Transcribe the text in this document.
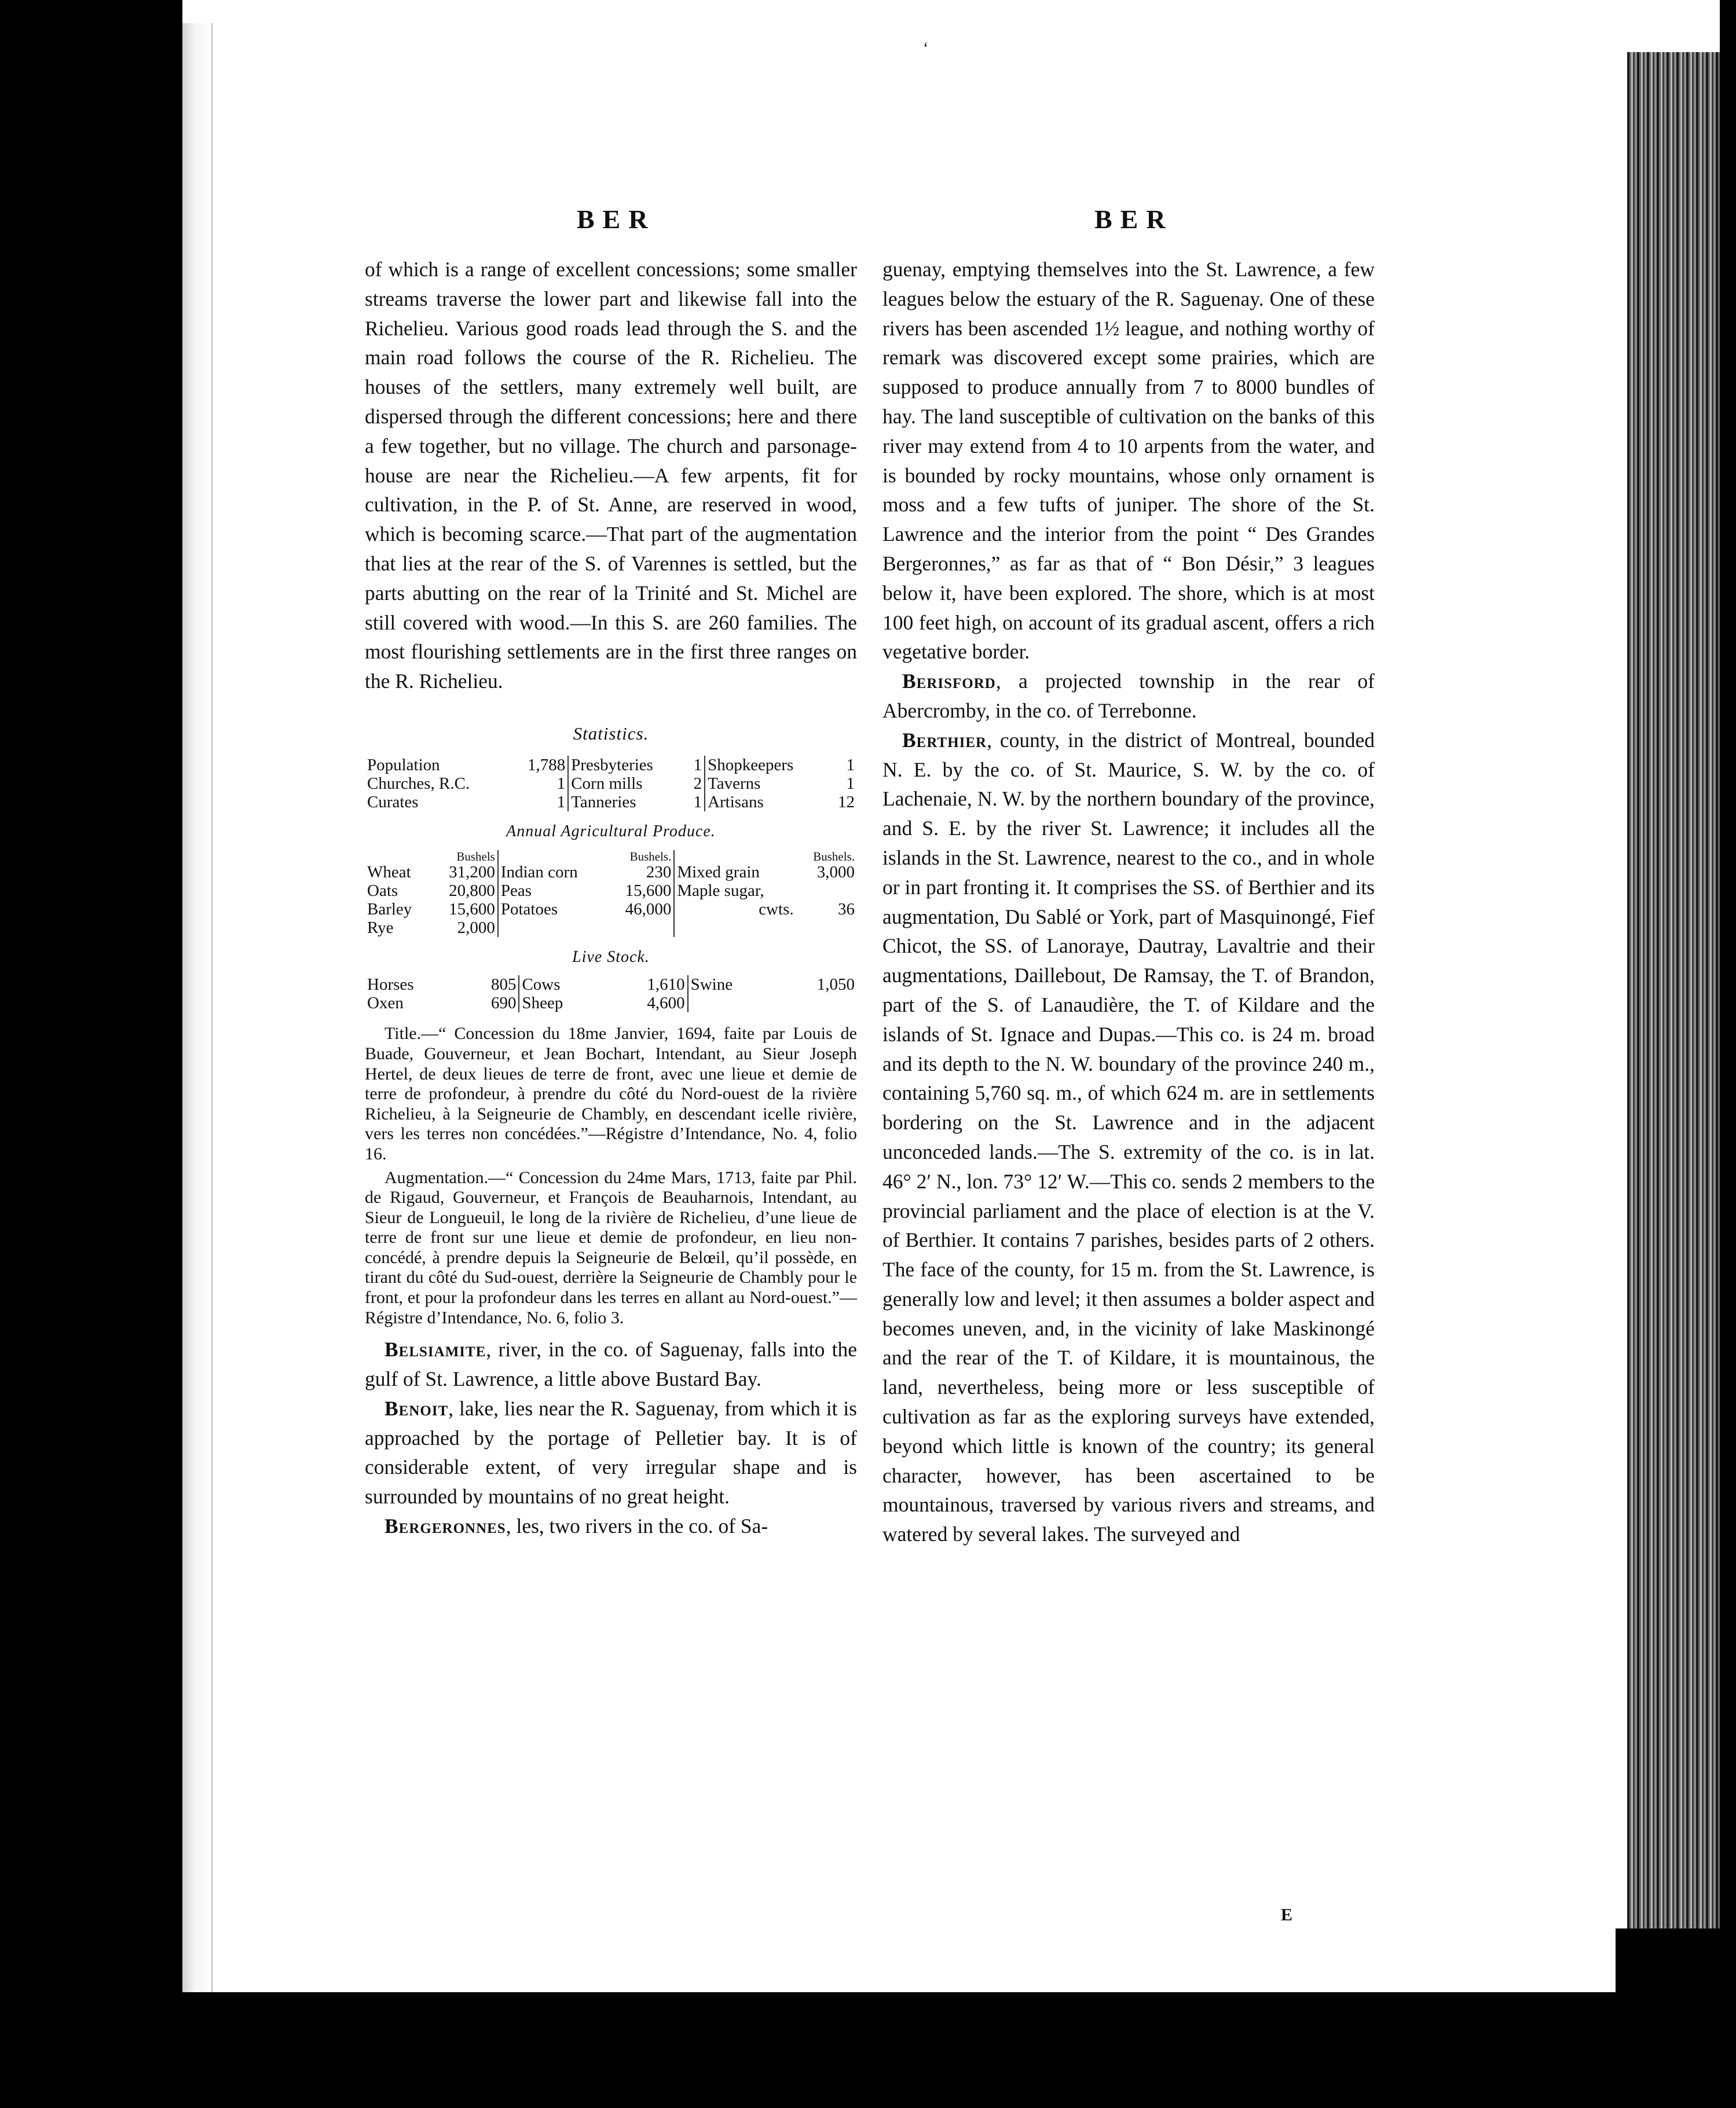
‘
BER	BER

of which is a range of excellent concessions; some smaller streams traverse the lower part and likewise fall into the Richelieu. Various good roads lead through the S. and the main road follows the course of the R. Richelieu. The houses of the settlers, many extremely well built, are dispersed through the different concessions; here and there a few together, but no village. The church and parsonage-house are near the Richelieu.—A few arpents, fit for cultivation, in the P. of St. Anne, are reserved in wood, which is becoming scarce.—That part of the augmentation that lies at the rear of the S. of Varennes is settled, but the parts abutting on the rear of la Trinité and St. Michel are still covered with wood.—In this S. are 260 families. The most flourishing settlements are in the first three ranges on the R. Richelieu.

Statistics.
Population	1,788	Presbyteries	1	Shopkeepers	1
Churches, R.C.	1	Corn mills	2	Taverns	1
Curates	1	Tanneries	1	Artisans	12
Annual Agricultural Produce.
	Bushels		Bushels.		Bushels.
Wheat	31,200	Indian corn	230	Mixed grain	3,000
Oats	20,800	Peas	15,600	Maple sugar,	
Barley	15,600	Potatoes	46,000	cwts.	36
Rye	2,000				
Live Stock.
Horses	805	Cows	1,610	Swine	1,050
Oxen	690	Sheep	4,600		

Title.—“ Concession du 18me Janvier, 1694, faite par Louis de Buade, Gouverneur, et Jean Bochart, Intendant, au Sieur Joseph Hertel, de deux lieues de terre de front, avec une lieue et demie de terre de profondeur, à prendre du côté du Nord-ouest de la rivière Richelieu, à la Seigneurie de Chambly, en descendant icelle rivière, vers les terres non concédées.”—Régistre d’Intendance, No. 4, folio 16.

Augmentation.—“ Concession du 24me Mars, 1713, faite par Phil. de Rigaud, Gouverneur, et François de Beauharnois, Intendant, au Sieur de Longueuil, le long de la rivière de Richelieu, d’une lieue de terre de front sur une lieue et demie de profondeur, en lieu non-concédé, à prendre depuis la Seigneurie de Belœil, qu’il possède, en tirant du côté du Sud-ouest, derrière la Seigneurie de Chambly pour le front, et pour la profondeur dans les terres en allant au Nord-ouest.”—Régistre d’Intendance, No. 6, folio 3.

Belsiamite, river, in the co. of Saguenay, falls into the gulf of St. Lawrence, a little above Bustard Bay.

Benoit, lake, lies near the R. Saguenay, from which it is approached by the portage of Pelletier bay. It is of considerable extent, of very irregular shape and is surrounded by mountains of no great height.

Bergeronnes, les, two rivers in the co. of Sa-

guenay, emptying themselves into the St. Lawrence, a few leagues below the estuary of the R. Saguenay. One of these rivers has been ascended 1½ league, and nothing worthy of remark was discovered except some prairies, which are supposed to produce annually from 7 to 8000 bundles of hay. The land susceptible of cultivation on the banks of this river may extend from 4 to 10 arpents from the water, and is bounded by rocky mountains, whose only ornament is moss and a few tufts of juniper. The shore of the St. Lawrence and the interior from the point “ Des Grandes Bergeronnes,” as far as that of “ Bon Désir,” 3 leagues below it, have been explored. The shore, which is at most 100 feet high, on account of its gradual ascent, offers a rich vegetative border.

Berisford, a projected township in the rear of Abercromby, in the co. of Terrebonne.

Berthier, county, in the district of Montreal, bounded N. E. by the co. of St. Maurice, S. W. by the co. of Lachenaie, N. W. by the northern boundary of the province, and S. E. by the river St. Lawrence; it includes all the islands in the St. Lawrence, nearest to the co., and in whole or in part fronting it. It comprises the SS. of Berthier and its augmentation, Du Sablé or York, part of Masquinongé, Fief Chicot, the SS. of Lanoraye, Dautray, Lavaltrie and their augmentations, Daillebout, De Ramsay, the T. of Brandon, part of the S. of Lanaudière, the T. of Kildare and the islands of St. Ignace and Dupas.—This co. is 24 m. broad and its depth to the N. W. boundary of the province 240 m., containing 5,760 sq. m., of which 624 m. are in settlements bordering on the St. Lawrence and in the adjacent unconceded lands.—The S. extremity of the co. is in lat. 46° 2′ N., lon. 73° 12′ W.—This co. sends 2 members to the provincial parliament and the place of election is at the V. of Berthier. It contains 7 parishes, besides parts of 2 others. The face of the county, for 15 m. from the St. Lawrence, is generally low and level; it then assumes a bolder aspect and becomes uneven, and, in the vicinity of lake Maskinongé and the rear of the T. of Kildare, it is mountainous, the land, nevertheless, being more or less susceptible of cultivation as far as the exploring surveys have extended, beyond which little is known of the country; its general character, however, has been ascertained to be mountainous, traversed by various rivers and streams, and watered by several lakes. The surveyed and

E
